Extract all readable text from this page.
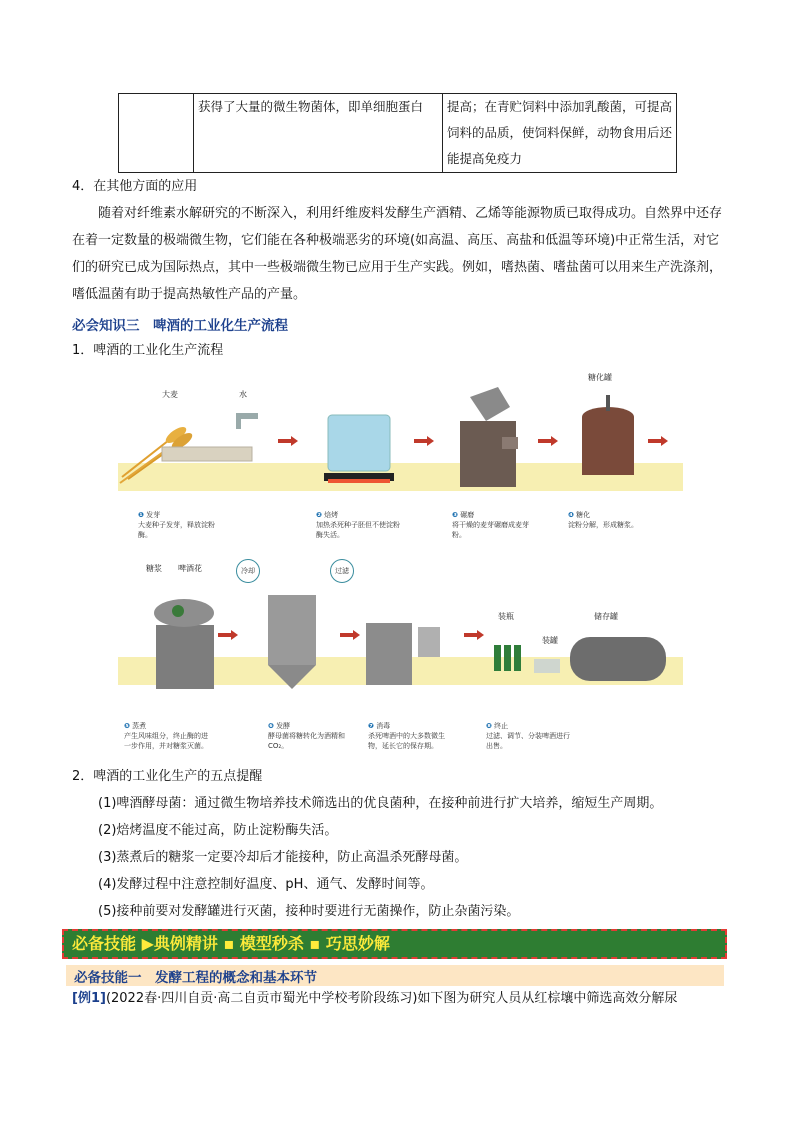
	获得了大量的微生物菌体，即单细胞蛋白	提高；在青贮饲料中添加乳酸菌，可提高饲料的品质，使饲料保鲜，动物食用后还能提高免疫力
4．在其他方面的应用
随着对纤维素水解研究的不断深入，利用纤维废料发酵生产酒精、乙烯等能源物质已取得成功。自然界中还存在着一定数量的极端微生物，它们能在各种极端恶劣的环境(如高温、高压、高盐和低温等环境)中正常生活，对它们的研究已成为国际热点，其中一些极端微生物已应用于生产实践。例如，嗜热菌、嗜盐菌可以用来生产洗涤剂，嗜低温菌有助于提高热敏性产品的产量。
必会知识三　啤酒的工业化生产流程
1．啤酒的工业化生产流程
大麦	水
糖化罐
❶ 发芽
大麦种子发芽，释放淀粉酶。
❷ 焙烤
加热杀死种子胚但不使淀粉酶失活。
❸ 碾磨
将干燥的麦芽碾磨成麦芽粉。
❹ 糖化
淀粉分解，形成糖浆。
糖浆 啤酒花	冷却	过滤
装瓶
装罐
储存罐
❺ 蒸煮
产生风味组分，终止酶的进一步作用，并对糖浆灭菌。
❻ 发酵
酵母菌将糖转化为酒精和CO₂。
❼ 消毒
杀死啤酒中的大多数微生物，延长它的保存期。
❽ 终止
过滤、调节、分装啤酒进行出售。
2．啤酒的工业化生产的五点提醒
(1)啤酒酵母菌：通过微生物培养技术筛选出的优良菌种，在接种前进行扩大培养，缩短生产周期。
(2)焙烤温度不能过高，防止淀粉酶失活。
(3)蒸煮后的糖浆一定要冷却后才能接种，防止高温杀死酵母菌。
(4)发酵过程中注意控制好温度、pH、通气、发酵时间等。
(5)接种前要对发酵罐进行灭菌，接种时要进行无菌操作，防止杂菌污染。
必备技能 ▶典例精讲 ▪ 模型秒杀 ▪ 巧思妙解
必备技能一　发酵工程的概念和基本环节
[例1](2022春·四川自贡·高二自贡市蜀光中学校考阶段练习)如下图为研究人员从红棕壤中筛选高效分解尿
